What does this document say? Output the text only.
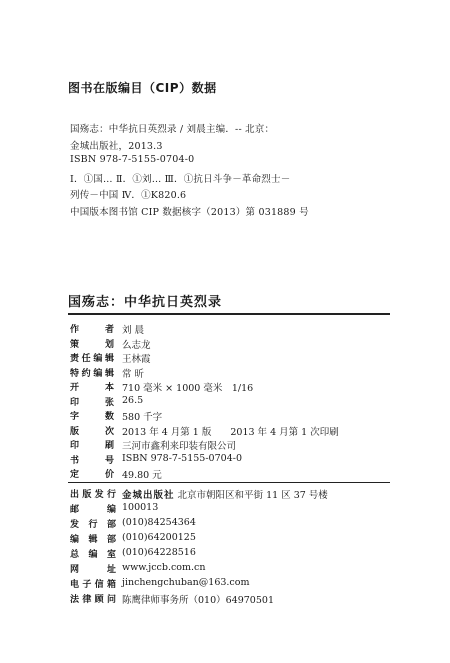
图书在版编目（CIP）数据
国殇志：中华抗日英烈录 / 刘晨主编．-- 北京：
金城出版社，2013.3
ISBN 978-7-5155-0704-0
Ⅰ．①国… Ⅱ．①刘… Ⅲ．①抗日斗争－革命烈士－
列传－中国 Ⅳ．①K820.6
中国版本图书馆 CIP 数据核字（2013）第 031889 号
国殇志：中华抗日英烈录
作者 刘 晨
策划 么志龙
责任编辑 王林霞
特约编辑 常 昕
开本 710 毫米 × 1000 毫米　1/16
印张 26.5
字数 580 千字
版次 2013 年 4 月第 1 版　　2013 年 4 月第 1 次印刷
印刷 三河市鑫利来印装有限公司
书号 ISBN 978-7-5155-0704-0
定价 49.80 元
出版发行 金城出版社 北京市朝阳区和平街 11 区 37 号楼
邮编 100013
发行部 (010)84254364
编辑部 (010)64200125
总编室 (010)64228516
网址 www.jccb.com.cn
电子信箱 jinchengchuban@163.com
法律顾问 陈鹰律师事务所（010）64970501
